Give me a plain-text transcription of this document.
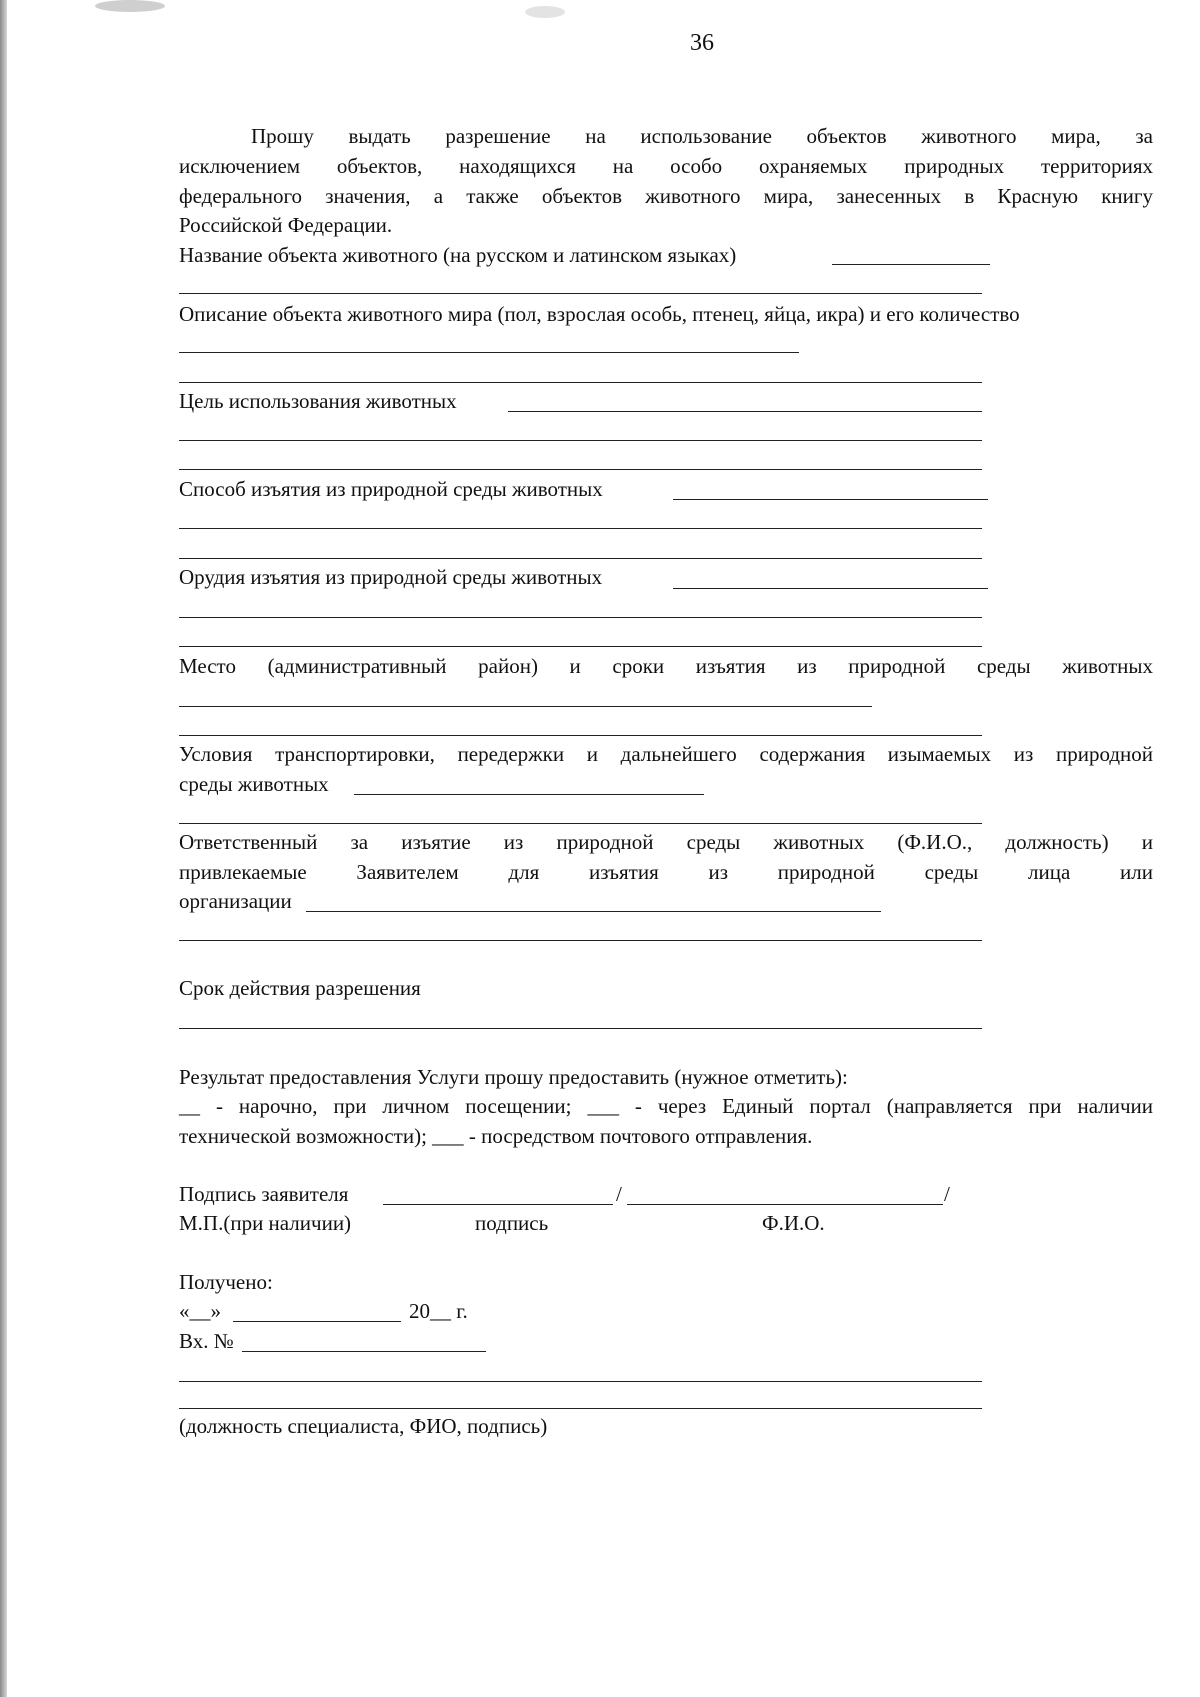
36
Прошу выдать разрешение на использование объектов животного мира, за
исключением объектов, находящихся на особо охраняемых природных территориях
федерального значения, а также объектов животного мира, занесенных в Красную книгу
Российской Федерации.
Название объекта животного (на русском и латинском языках)
Описание объекта животного мира (пол, взрослая особь, птенец, яйца, икра) и его количество
Цель использования животных
Способ изъятия из природной среды животных
Орудия изъятия из природной среды животных
Место (административный район) и сроки изъятия из природной среды животных
Условия транспортировки, передержки и дальнейшего содержания изымаемых из природной
среды животных
Ответственный за изъятие из природной среды животных (Ф.И.О., должность) и
привлекаемые Заявителем для изъятия из природной среды лица или
организации
Срок действия разрешения
Результат предоставления Услуги прошу предоставить (нужное отметить):
__ - нарочно, при личном посещении; ___ - через Единый портал (направляется при наличии
технической возможности); ___ - посредством почтового отправления.
Подпись заявителя	/	/
М.П.(при наличии)	подпись	Ф.И.О.
Получено:
«__»	20__ г.
Вх. №
(должность специалиста, ФИО, подпись)
